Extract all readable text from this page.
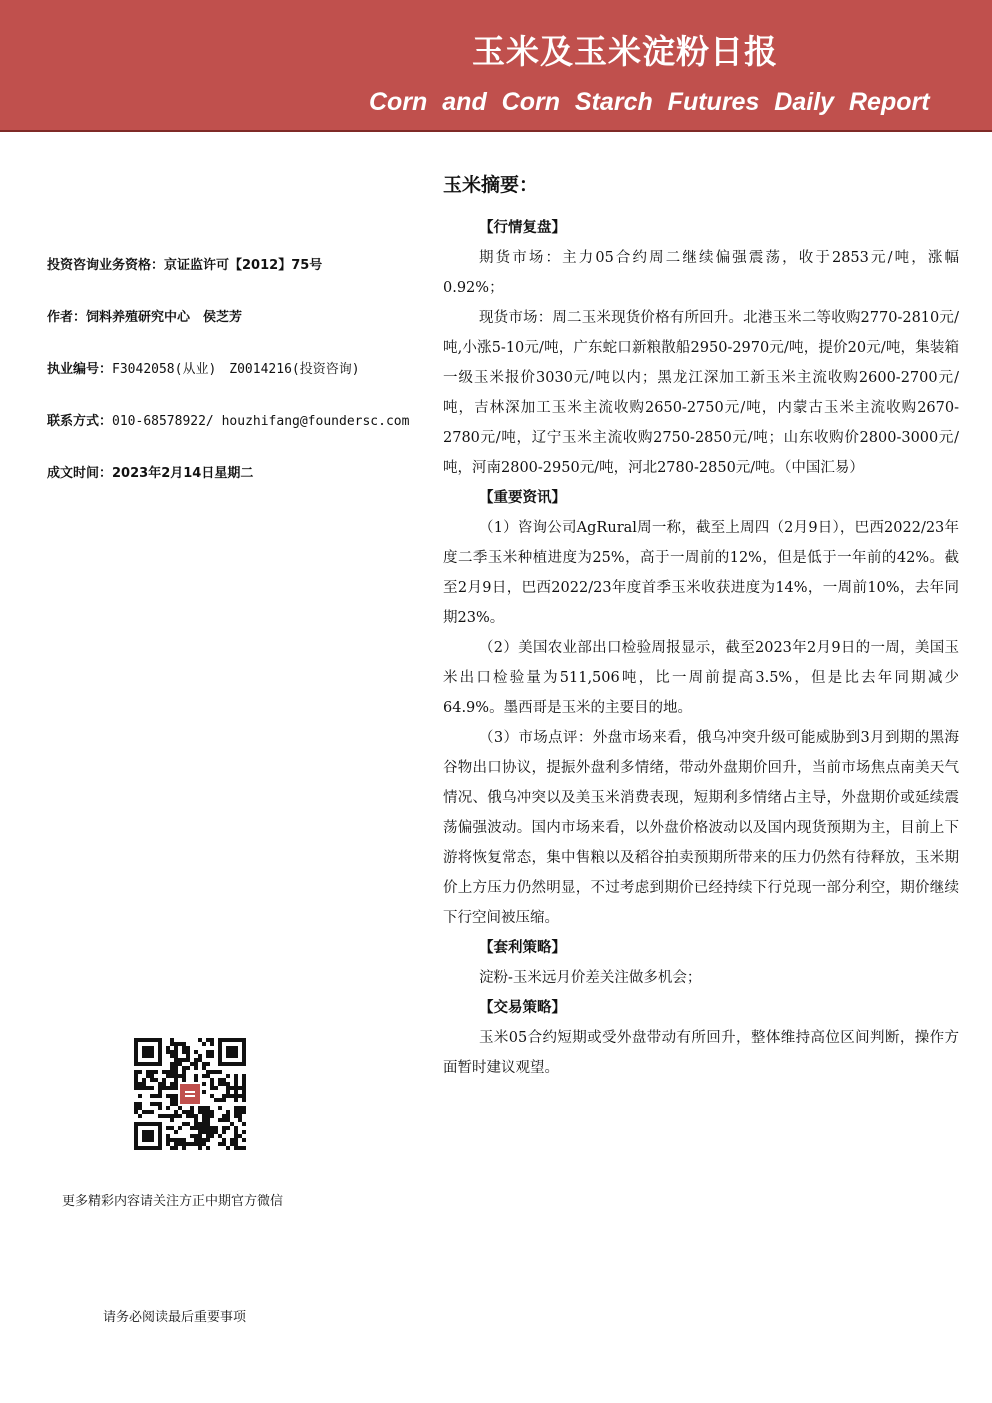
玉米及玉米淀粉日报
Corn and Corn Starch Futures Daily Report
投资咨询业务资格：京证监许可【2012】75号
作者：饲料养殖研究中心　侯芝芳
执业编号：F3042058(从业)　Z0014216(投资咨询)
联系方式：010-68578922/ houzhifang@foundersc.com
成文时间：2023年2月14日星期二
更多精彩内容请关注方正中期官方微信
请务必阅读最后重要事项
玉米摘要：
【行情复盘】

期货市场：主力05合约周二继续偏强震荡，收于2853元/吨，涨幅0.92%；

现货市场：周二玉米现货价格有所回升。北港玉米二等收购2770-2810元/吨,小涨5-10元/吨，广东蛇口新粮散船2950-2970元/吨，提价20元/吨，集装箱一级玉米报价3030元/吨以内；黑龙江深加工新玉米主流收购2600-2700元/吨，吉林深加工玉米主流收购2650-2750元/吨，内蒙古玉米主流收购2670-2780元/吨，辽宁玉米主流收购2750-2850元/吨；山东收购价2800-3000元/吨，河南2800-2950元/吨，河北2780-2850元/吨。（中国汇易）

【重要资讯】

（1）咨询公司AgRural周一称，截至上周四（2月9日），巴西2022/23年度二季玉米种植进度为25%，高于一周前的12%，但是低于一年前的42%。截至2月9日，巴西2022/23年度首季玉米收获进度为14%，一周前10%，去年同期23%。

（2）美国农业部出口检验周报显示，截至2023年2月9日的一周，美国玉米出口检验量为511,506吨，比一周前提高3.5%，但是比去年同期减少64.9%。墨西哥是玉米的主要目的地。

（3）市场点评：外盘市场来看，俄乌冲突升级可能威胁到3月到期的黑海谷物出口协议，提振外盘利多情绪，带动外盘期价回升，当前市场焦点南美天气情况、俄乌冲突以及美玉米消费表现，短期利多情绪占主导，外盘期价或延续震荡偏强波动。国内市场来看，以外盘价格波动以及国内现货预期为主，目前上下游将恢复常态，集中售粮以及稻谷拍卖预期所带来的压力仍然有待释放，玉米期价上方压力仍然明显，不过考虑到期价已经持续下行兑现一部分利空，期价继续下行空间被压缩。

【套利策略】

淀粉-玉米远月价差关注做多机会；

【交易策略】

玉米05合约短期或受外盘带动有所回升，整体维持高位区间判断，操作方面暂时建议观望。
